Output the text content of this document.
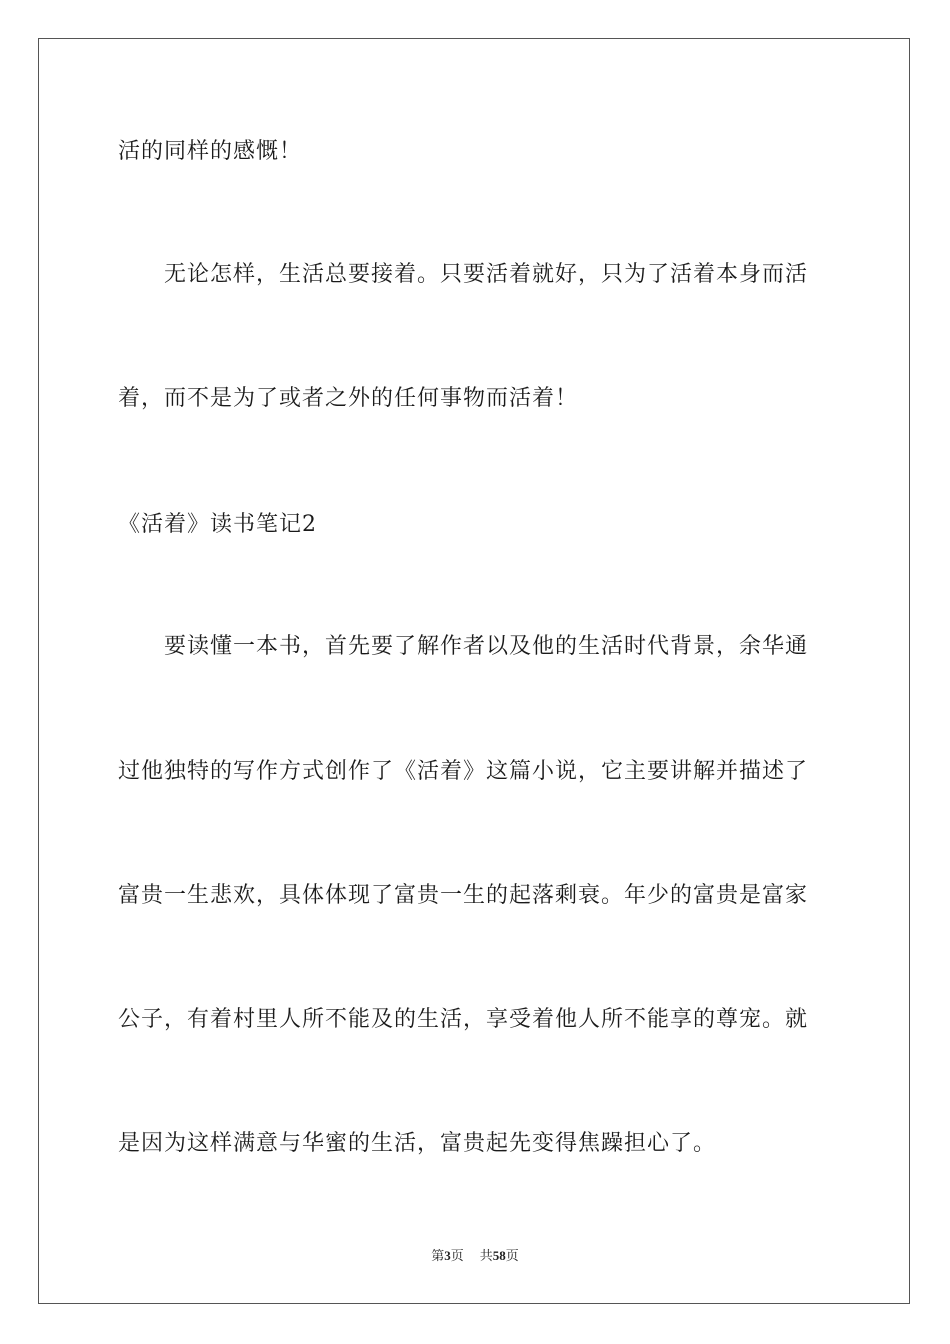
活的同样的感慨！
无论怎样，生活总要接着。只要活着就好，只为了活着本身而活
着，而不是为了或者之外的任何事物而活着！
《活着》读书笔记2
要读懂一本书，首先要了解作者以及他的生活时代背景，余华通
过他独特的写作方式创作了《活着》这篇小说，它主要讲解并描述了
富贵一生悲欢，具体体现了富贵一生的起落剩衰。年少的富贵是富家
公子，有着村里人所不能及的生活，享受着他人所不能享的尊宠。就
是因为这样满意与华蜜的生活，富贵起先变得焦躁担心了。
第3页 共58页
